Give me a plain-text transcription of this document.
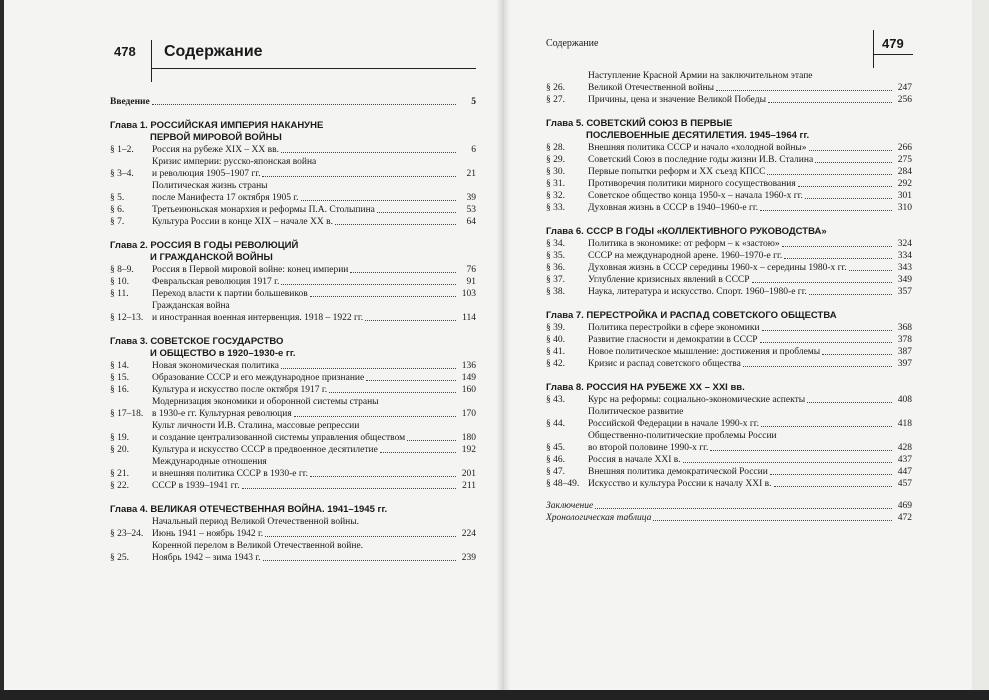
478 Содержание
Введение	5
Глава 1. РОССИЙСКАЯ ИМПЕРИЯ НАКАНУНЕ
ПЕРВОЙ МИРОВОЙ ВОЙНЫ
§ 1–2.	Россия на рубеже XIX – XX вв.	6
§ 3–4.
Кризис империи: русско-японская война
и революция 1905–1907 гг.	21
§ 5.
Политическая жизнь страны
после Манифеста 17 октября 1905 г.	39
§ 6.	Третьеиюньская монархия и реформы П.А. Столыпина	53
§ 7.	Культура России в конце XIX – начале XX в.	64
Глава 2. РОССИЯ В ГОДЫ РЕВОЛЮЦИЙ
И ГРАЖДАНСКОЙ ВОЙНЫ
§ 8–9.	Россия в Первой мировой войне: конец империи	76
§ 10.	Февральская революция 1917 г.	91
§ 11.	Переход власти к партии большевиков	103
§ 12–13.
Гражданская война
и иностранная военная интервенция. 1918 – 1922 гг.	114
Глава 3. СОВЕТСКОЕ ГОСУДАРСТВО
И ОБЩЕСТВО в 1920–1930-е гг.
§ 14.	Новая экономическая политика	136
§ 15.	Образование СССР и его международное признание	149
§ 16.	Культура и искусство после октября 1917 г.	160
§ 17–18.
Модернизация экономики и оборонной системы страны
в 1930-е гг. Культурная революция	170
§ 19.
Культ личности И.В. Сталина, массовые репрессии
и создание централизованной системы управления обществом	180
§ 20.	Культура и искусство СССР в предвоенное десятилетие	192
§ 21.
Международные отношения
и внешняя политика СССР в 1930-е гг.	201
§ 22.	СССР в 1939–1941 гг.	211
Глава 4. ВЕЛИКАЯ ОТЕЧЕСТВЕННАЯ ВОЙНА. 1941–1945 гг.
§ 23–24.
Начальный период Великой Отечественной войны.
Июнь 1941 – ноябрь 1942 г.	224
§ 25.
Коренной перелом в Великой Отечественной войне.
Ноябрь 1942 – зима 1943 г.	239
Содержание	479
§ 26.
Наступление Красной Армии на заключительном этапе
Великой Отечественной войны	247
§ 27.	Причины, цена и значение Великой Победы	256
Глава 5. СОВЕТСКИЙ СОЮЗ В ПЕРВЫЕ
ПОСЛЕВОЕННЫЕ ДЕСЯТИЛЕТИЯ. 1945–1964 гг.
§ 28.	Внешняя политика СССР и начало «холодной войны»	266
§ 29.	Советский Союз в последние годы жизни И.В. Сталина	275
§ 30.	Первые попытки реформ и XX съезд КПСС	284
§ 31.	Противоречия политики мирного сосуществования	292
§ 32.	Советское общество конца 1950-х – начала 1960-х гг.	301
§ 33.	Духовная жизнь в СССР в 1940–1960-е гг.	310
Глава 6. СССР В ГОДЫ «КОЛЛЕКТИВНОГО РУКОВОДСТВА»
§ 34.	Политика в экономике: от реформ – к «застою»	324
§ 35.	СССР на международной арене. 1960–1970-е гг.	334
§ 36.	Духовная жизнь в СССР середины 1960-х – середины 1980-х гг.	343
§ 37.	Углубление кризисных явлений в СССР	349
§ 38.	Наука, литература и искусство. Спорт. 1960–1980-е гг.	357
Глава 7. ПЕРЕСТРОЙКА И РАСПАД СОВЕТСКОГО ОБЩЕСТВА
§ 39.	Политика перестройки в сфере экономики	368
§ 40.	Развитие гласности и демократии в СССР	378
§ 41.	Новое политическое мышление: достижения и проблемы	387
§ 42.	Кризис и распад советского общества	397
Глава 8. РОССИЯ НА РУБЕЖЕ XX – XXI вв.
§ 43.	Курс на реформы: социально-экономические аспекты	408
§ 44.
Политическое развитие
Российской Федерации в начале 1990-х гг.	418
§ 45.
Общественно-политические проблемы России
во второй половине 1990-х гг.	428
§ 46.	Россия в начале XXI в.	437
§ 47.	Внешняя политика демократической России	447
§ 48–49. Искусство и культура России к началу XXI в.	457
Заключение	469
Хронологическая таблица	472
